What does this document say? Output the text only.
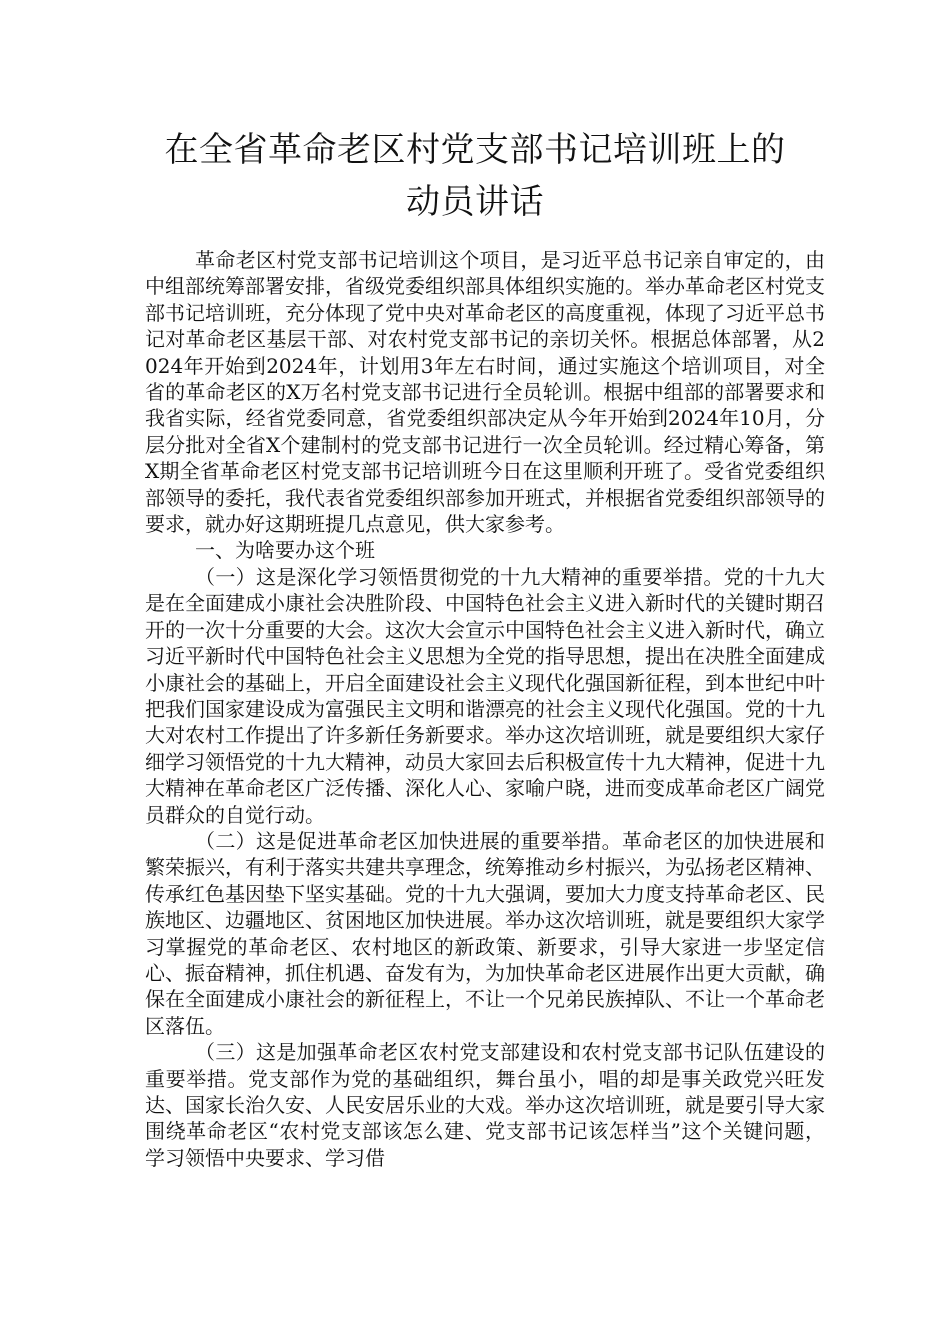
在全省革命老区村党支部书记培训班上的
动员讲话

革命老区村党支部书记培训这个项目，是习近平总书记亲自审定的，由中组部统筹部署安排，省级党委组织部具体组织实施的。举办革命老区村党支部书记培训班，充分体现了党中央对革命老区的高度重视，体现了习近平总书记对革命老区基层干部、对农村党支部书记的亲切关怀。根据总体部署，从2024年开始到2024年，计划用3年左右时间，通过实施这个培训项目，对全省的革命老区的X万名村党支部书记进行全员轮训。根据中组部的部署要求和我省实际，经省党委同意，省党委组织部决定从今年开始到2024年10月，分层分批对全省X个建制村的党支部书记进行一次全员轮训。经过精心筹备，第X期全省革命老区村党支部书记培训班今日在这里顺利开班了。受省党委组织部领导的委托，我代表省党委组织部参加开班式，并根据省党委组织部领导的要求，就办好这期班提几点意见，供大家参考。

一、为啥要办这个班

（一）这是深化学习领悟贯彻党的十九大精神的重要举措。党的十九大是在全面建成小康社会决胜阶段、中国特色社会主义进入新时代的关键时期召开的一次十分重要的大会。这次大会宣示中国特色社会主义进入新时代，确立习近平新时代中国特色社会主义思想为全党的指导思想，提出在决胜全面建成小康社会的基础上，开启全面建设社会主义现代化强国新征程，到本世纪中叶把我们国家建设成为富强民主文明和谐漂亮的社会主义现代化强国。党的十九大对农村工作提出了许多新任务新要求。举办这次培训班，就是要组织大家仔细学习领悟党的十九大精神，动员大家回去后积极宣传十九大精神，促进十九大精神在革命老区广泛传播、深化人心、家喻户晓，进而变成革命老区广阔党员群众的自觉行动。

（二）这是促进革命老区加快进展的重要举措。革命老区的加快进展和繁荣振兴，有利于落实共建共享理念，统筹推动乡村振兴，为弘扬老区精神、传承红色基因垫下坚实基础。党的十九大强调，要加大力度支持革命老区、民族地区、边疆地区、贫困地区加快进展。举办这次培训班，就是要组织大家学习掌握党的革命老区、农村地区的新政策、新要求，引导大家进一步坚定信心、振奋精神，抓住机遇、奋发有为，为加快革命老区进展作出更大贡献，确保在全面建成小康社会的新征程上，不让一个兄弟民族掉队、不让一个革命老区落伍。

（三）这是加强革命老区农村党支部建设和农村党支部书记队伍建设的重要举措。党支部作为党的基础组织，舞台虽小，唱的却是事关政党兴旺发达、国家长治久安、人民安居乐业的大戏。举办这次培训班，就是要引导大家围绕革命老区“农村党支部该怎么建、党支部书记该怎样当”这个关键问题，学习领悟中央要求、学习借
